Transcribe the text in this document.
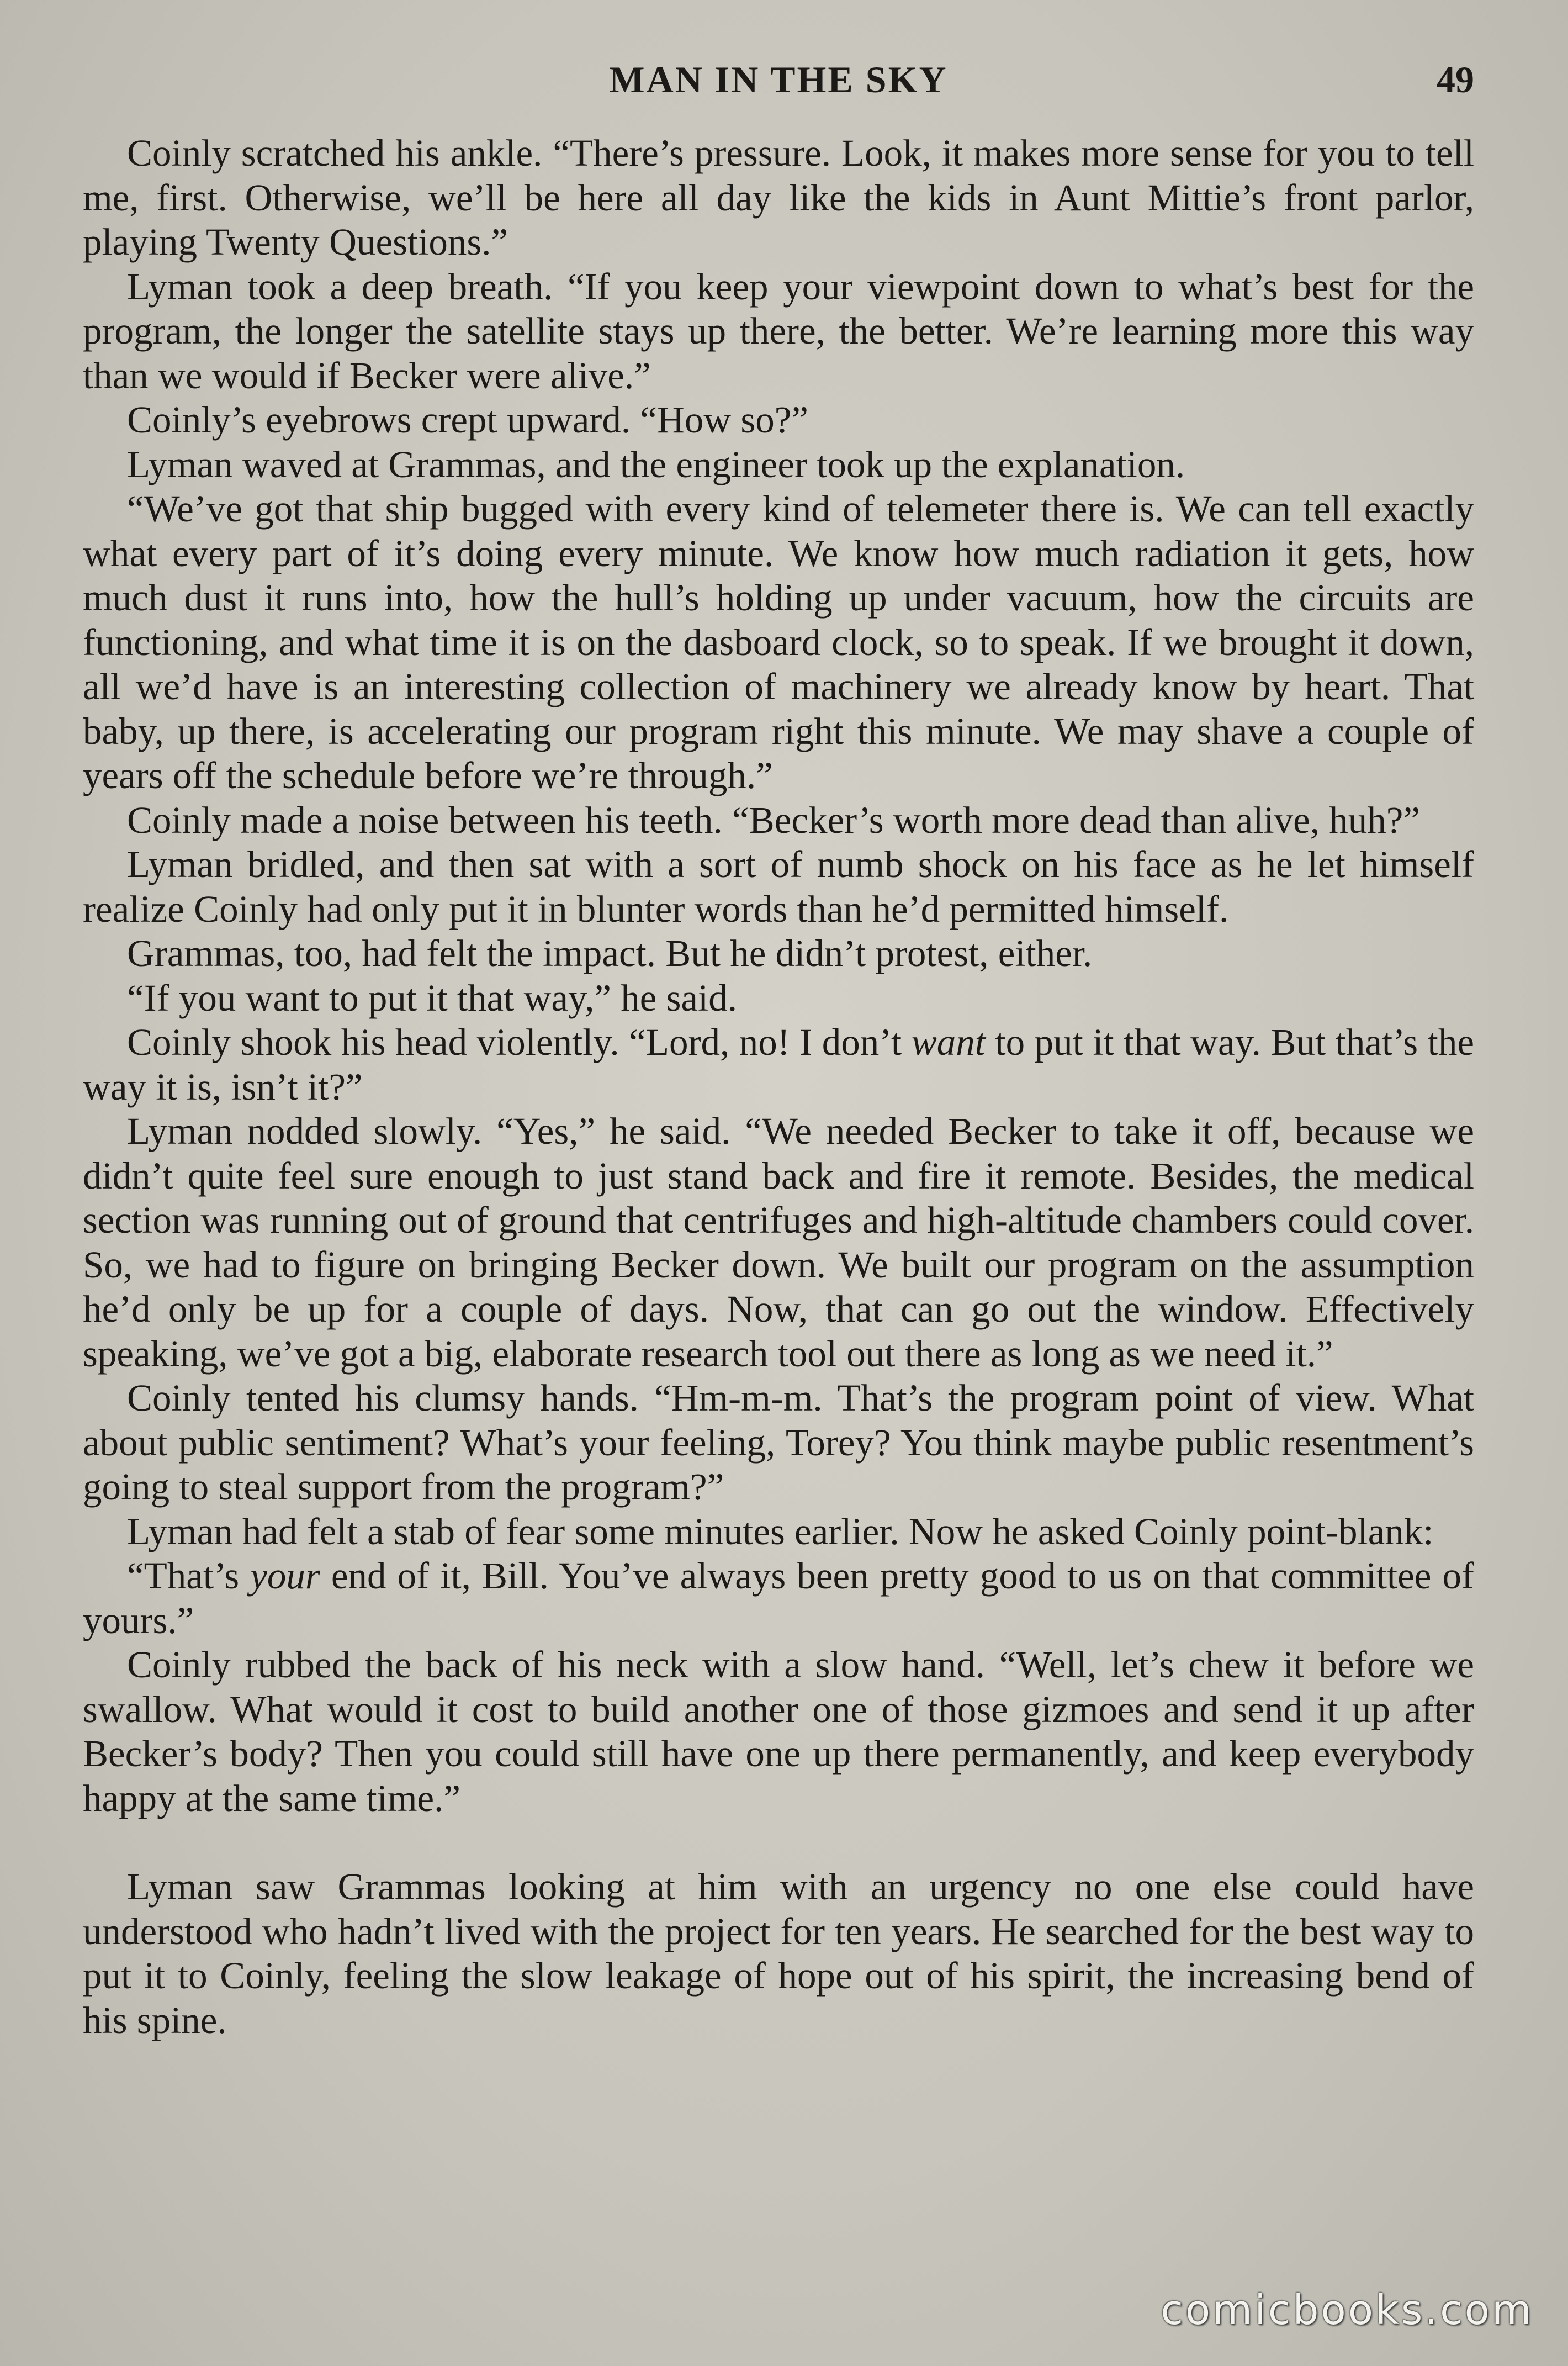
MAN IN THE SKY	49

Coinly scratched his ankle. “There’s pressure. Look, it makes more sense for you to tell me, first. Otherwise, we’ll be here all day like the kids in Aunt Mittie’s front parlor, playing Twenty Questions.”

Lyman took a deep breath. “If you keep your viewpoint down to what’s best for the program, the longer the satellite stays up there, the better. We’re learning more this way than we would if Becker were alive.”

Coinly’s eyebrows crept upward. “How so?”

Lyman waved at Grammas, and the engineer took up the explanation.

“We’ve got that ship bugged with every kind of telemeter there is. We can tell exactly what every part of it’s doing every minute. We know how much radiation it gets, how much dust it runs into, how the hull’s holding up under vacuum, how the circuits are functioning, and what time it is on the dasboard clock, so to speak. If we brought it down, all we’d have is an interesting collection of machinery we already know by heart. That baby, up there, is accelerating our program right this minute. We may shave a couple of years off the schedule before we’re through.”

Coinly made a noise between his teeth. “Becker’s worth more dead than alive, huh?”

Lyman bridled, and then sat with a sort of numb shock on his face as he let himself realize Coinly had only put it in blunter words than he’d permitted himself.

Grammas, too, had felt the impact. But he didn’t protest, either.

“If you want to put it that way,” he said.

Coinly shook his head violently. “Lord, no! I don’t want to put it that way. But that’s the way it is, isn’t it?”

Lyman nodded slowly. “Yes,” he said. “We needed Becker to take it off, because we didn’t quite feel sure enough to just stand back and fire it remote. Besides, the medical section was running out of ground that centrifuges and high-altitude chambers could cover. So, we had to figure on bringing Becker down. We built our program on the assumption he’d only be up for a couple of days. Now, that can go out the window. Effectively speaking, we’ve got a big, elaborate research tool out there as long as we need it.”

Coinly tented his clumsy hands. “Hm-m-m. That’s the program point of view. What about public sentiment? What’s your feeling, Torey? You think maybe public resentment’s going to steal support from the program?”

Lyman had felt a stab of fear some minutes earlier. Now he asked Coinly point-blank:

“That’s your end of it, Bill. You’ve always been pretty good to us on that committee of yours.”

Coinly rubbed the back of his neck with a slow hand. “Well, let’s chew it before we swallow. What would it cost to build another one of those gizmoes and send it up after Becker’s body? Then you could still have one up there permanently, and keep everybody happy at the same time.”

Lyman saw Grammas looking at him with an urgency no one else could have understood who hadn’t lived with the project for ten years. He searched for the best way to put it to Coinly, feeling the slow leakage of hope out of his spirit, the increasing bend of his spine.

comicbooks.com
